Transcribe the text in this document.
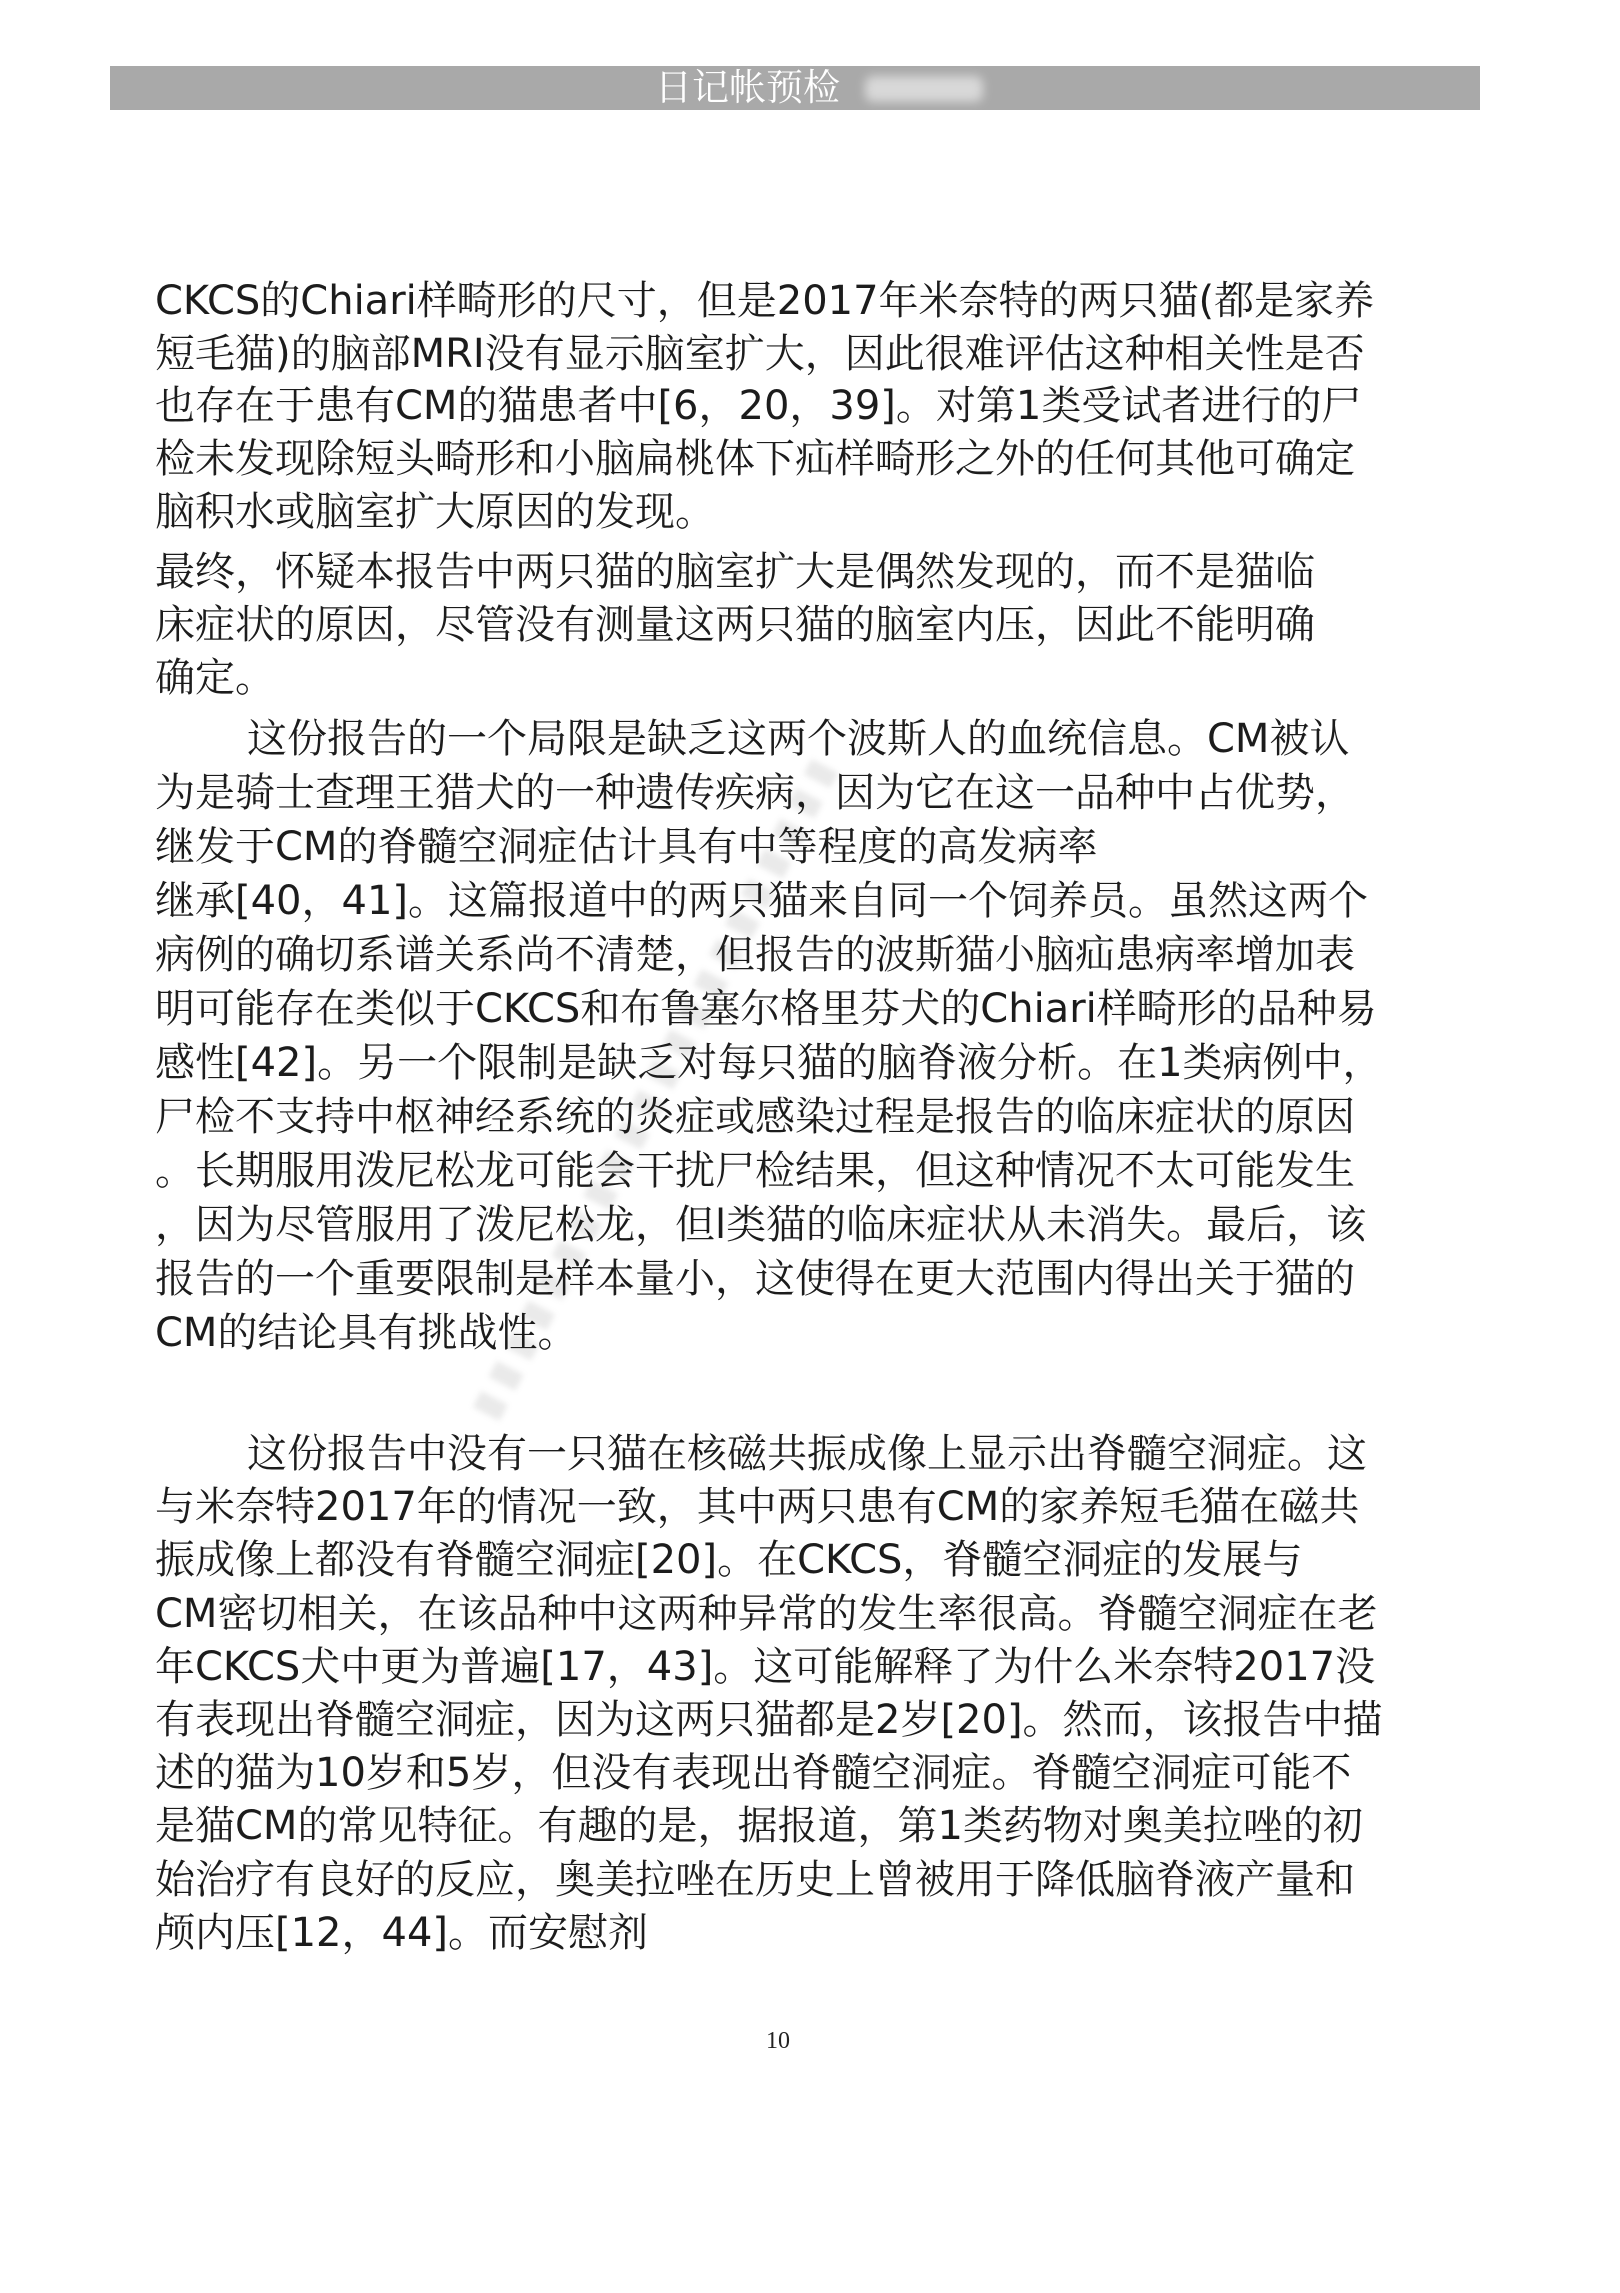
日记帐预检
CKCS的Chiari样畸形的尺寸，但是2017年米奈特的两只猫(都是家养
短毛猫)的脑部MRI没有显示脑室扩大，因此很难评估这种相关性是否
也存在于患有CM的猫患者中[6，20，39]。对第1类受试者进行的尸
检未发现除短头畸形和小脑扁桃体下疝样畸形之外的任何其他可确定
脑积水或脑室扩大原因的发现。
最终，怀疑本报告中两只猫的脑室扩大是偶然发现的，而不是猫临
床症状的原因，尽管没有测量这两只猫的脑室内压，因此不能明确
确定。
这份报告的一个局限是缺乏这两个波斯人的血统信息。CM被认
为是骑士查理王猎犬的一种遗传疾病，因为它在这一品种中占优势，
继发于CM的脊髓空洞症估计具有中等程度的高发病率
继承[40，41]。这篇报道中的两只猫来自同一个饲养员。虽然这两个
病例的确切系谱关系尚不清楚，但报告的波斯猫小脑疝患病率增加表
明可能存在类似于CKCS和布鲁塞尔格里芬犬的Chiari样畸形的品种易
感性[42]。另一个限制是缺乏对每只猫的脑脊液分析。在1类病例中，
尸检不支持中枢神经系统的炎症或感染过程是报告的临床症状的原因
。长期服用泼尼松龙可能会干扰尸检结果，但这种情况不太可能发生
，因为尽管服用了泼尼松龙，但l类猫的临床症状从未消失。最后，该
报告的一个重要限制是样本量小，这使得在更大范围内得出关于猫的
CM的结论具有挑战性。
这份报告中没有一只猫在核磁共振成像上显示出脊髓空洞症。这
与米奈特2017年的情况一致，其中两只患有CM的家养短毛猫在磁共
振成像上都没有脊髓空洞症[20]。在CKCS，脊髓空洞症的发展与
CM密切相关，在该品种中这两种异常的发生率很高。脊髓空洞症在老
年CKCS犬中更为普遍[17，43]。这可能解释了为什么米奈特2017没
有表现出脊髓空洞症，因为这两只猫都是2岁[20]。然而，该报告中描
述的猫为10岁和5岁，但没有表现出脊髓空洞症。脊髓空洞症可能不
是猫CM的常见特征。有趣的是，据报道，第1类药物对奥美拉唑的初
始治疗有良好的反应，奥美拉唑在历史上曾被用于降低脑脊液产量和
颅内压[12，44]。而安慰剂
10
